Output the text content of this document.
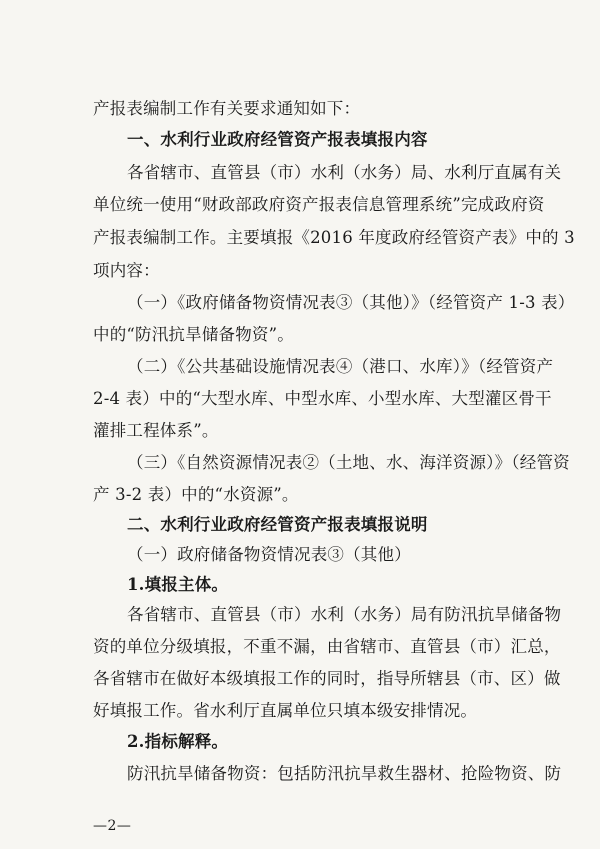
产报表编制工作有关要求通知如下：
一、水利行业政府经管资产报表填报内容
各省辖市、直管县（市）水利（水务）局、水利厅直属有关
单位统一使用“财政部政府资产报表信息管理系统”完成政府资
产报表编制工作。主要填报《2016 年度政府经管资产表》中的 3
项内容：
（一）《政府储备物资情况表③（其他）》（经管资产 1-3 表）
中的“防汛抗旱储备物资”。
（二）《公共基础设施情况表④（港口、水库）》（经管资产
2-4 表）中的“大型水库、中型水库、小型水库、大型灌区骨干
灌排工程体系”。
（三）《自然资源情况表②（土地、水、海洋资源）》（经管资
产 3-2 表）中的“水资源”。
二、水利行业政府经管资产报表填报说明
（一）政府储备物资情况表③（其他）
1.填报主体。
各省辖市、直管县（市）水利（水务）局有防汛抗旱储备物
资的单位分级填报，不重不漏，由省辖市、直管县（市）汇总，
各省辖市在做好本级填报工作的同时，指导所辖县（市、区）做
好填报工作。省水利厅直属单位只填本级安排情况。
2.指标解释。
防汛抗旱储备物资：包括防汛抗旱救生器材、抢险物资、防
—2—
